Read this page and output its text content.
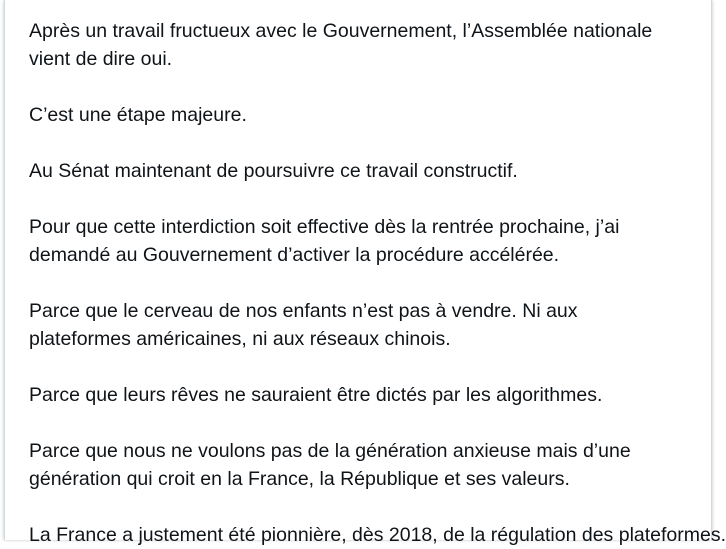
Après un travail fructueux avec le Gouvernement, l’Assemblée nationale
vient de dire oui.

C’est une étape majeure.

Au Sénat maintenant de poursuivre ce travail constructif.

Pour que cette interdiction soit effective dès la rentrée prochaine, j’ai
demandé au Gouvernement d’activer la procédure accélérée.

Parce que le cerveau de nos enfants n’est pas à vendre. Ni aux
plateformes américaines, ni aux réseaux chinois.

Parce que leurs rêves ne sauraient être dictés par les algorithmes.

Parce que nous ne voulons pas de la génération anxieuse mais d’une
génération qui croit en la France, la République et ses valeurs.

La France a justement été pionnière, dès 2018, de la régulation des plateformes.
